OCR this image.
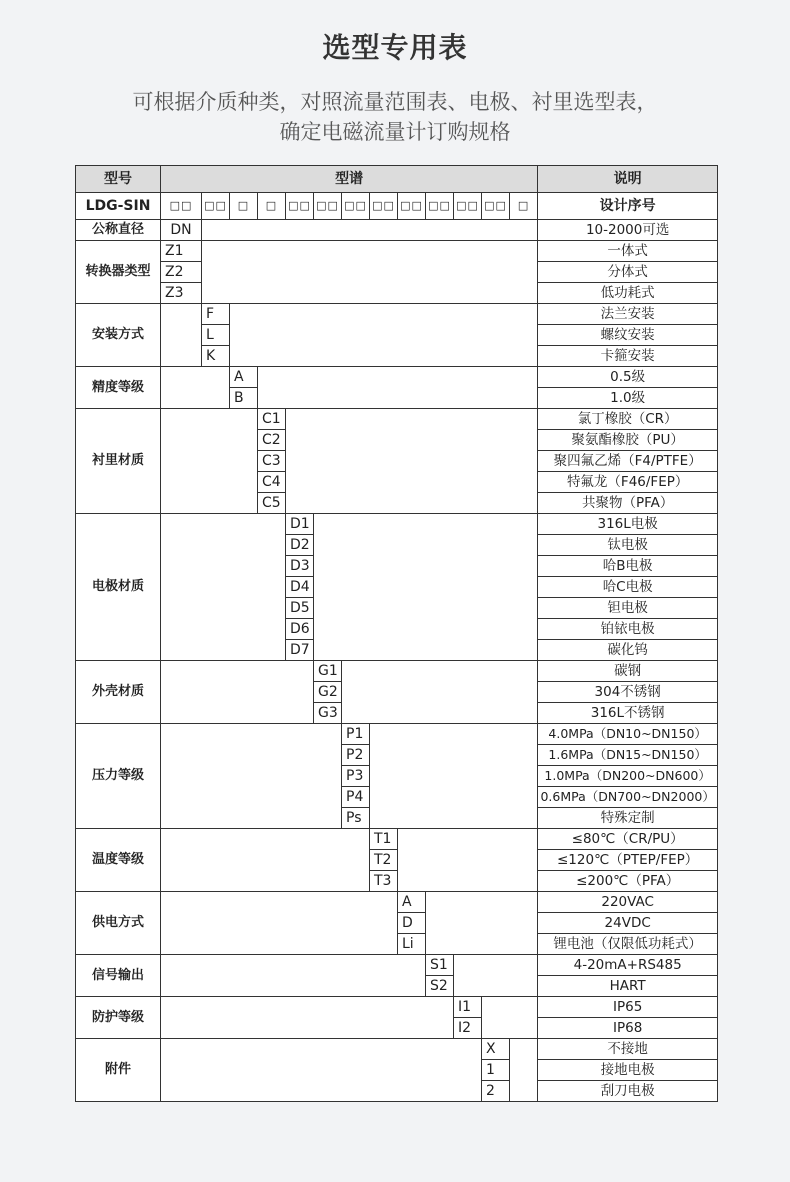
选型专用表
可根据介质种类，对照流量范围表、电极、衬里选型表，
确定电磁流量计订购规格
型号	型谱													说明
LDG-SIN	□□	□□	□	□	□□	□□	□□	□□	□□	□□	□□	□□	□	设计序号
公称直径	DN													10-2000可选
转换器类型	Z1													一体式
	Z2													分体式
	Z3													低功耗式
安装方式		F												法兰安装
		L												螺纹安装
		K												卡箍安装
精度等级			A											0.5级
			B											1.0级
衬里材质				C1										氯丁橡胶（CR）
				C2										聚氨酯橡胶（PU）
				C3										聚四氟乙烯（F4/PTFE）
				C4										特氟龙（F46/FEP）
				C5										共聚物（PFA）
电极材质					D1									316L电极
					D2									钛电极
					D3									哈B电极
					D4									哈C电极
					D5									钽电极
					D6									铂铱电极
					D7									碳化钨
外壳材质						G1								碳钢
						G2								304不锈钢
						G3								316L不锈钢
压力等级							P1							4.0MPa（DN10~DN150）
							P2							1.6MPa（DN15~DN150）
							P3							1.0MPa（DN200~DN600）
							P4							0.6MPa（DN700~DN2000）
							Ps							特殊定制
温度等级								T1						≤80℃（CR/PU）
								T2						≤120℃（PTEP/FEP）
								T3						≤200℃（PFA）
供电方式									A					220VAC
									D					24VDC
									Li					锂电池（仅限低功耗式）
信号输出										S1				4-20mA+RS485
										S2				HART
防护等级											I1			IP65
											I2			IP68
附件												X		不接地
												1		接地电极
												2		刮刀电极
